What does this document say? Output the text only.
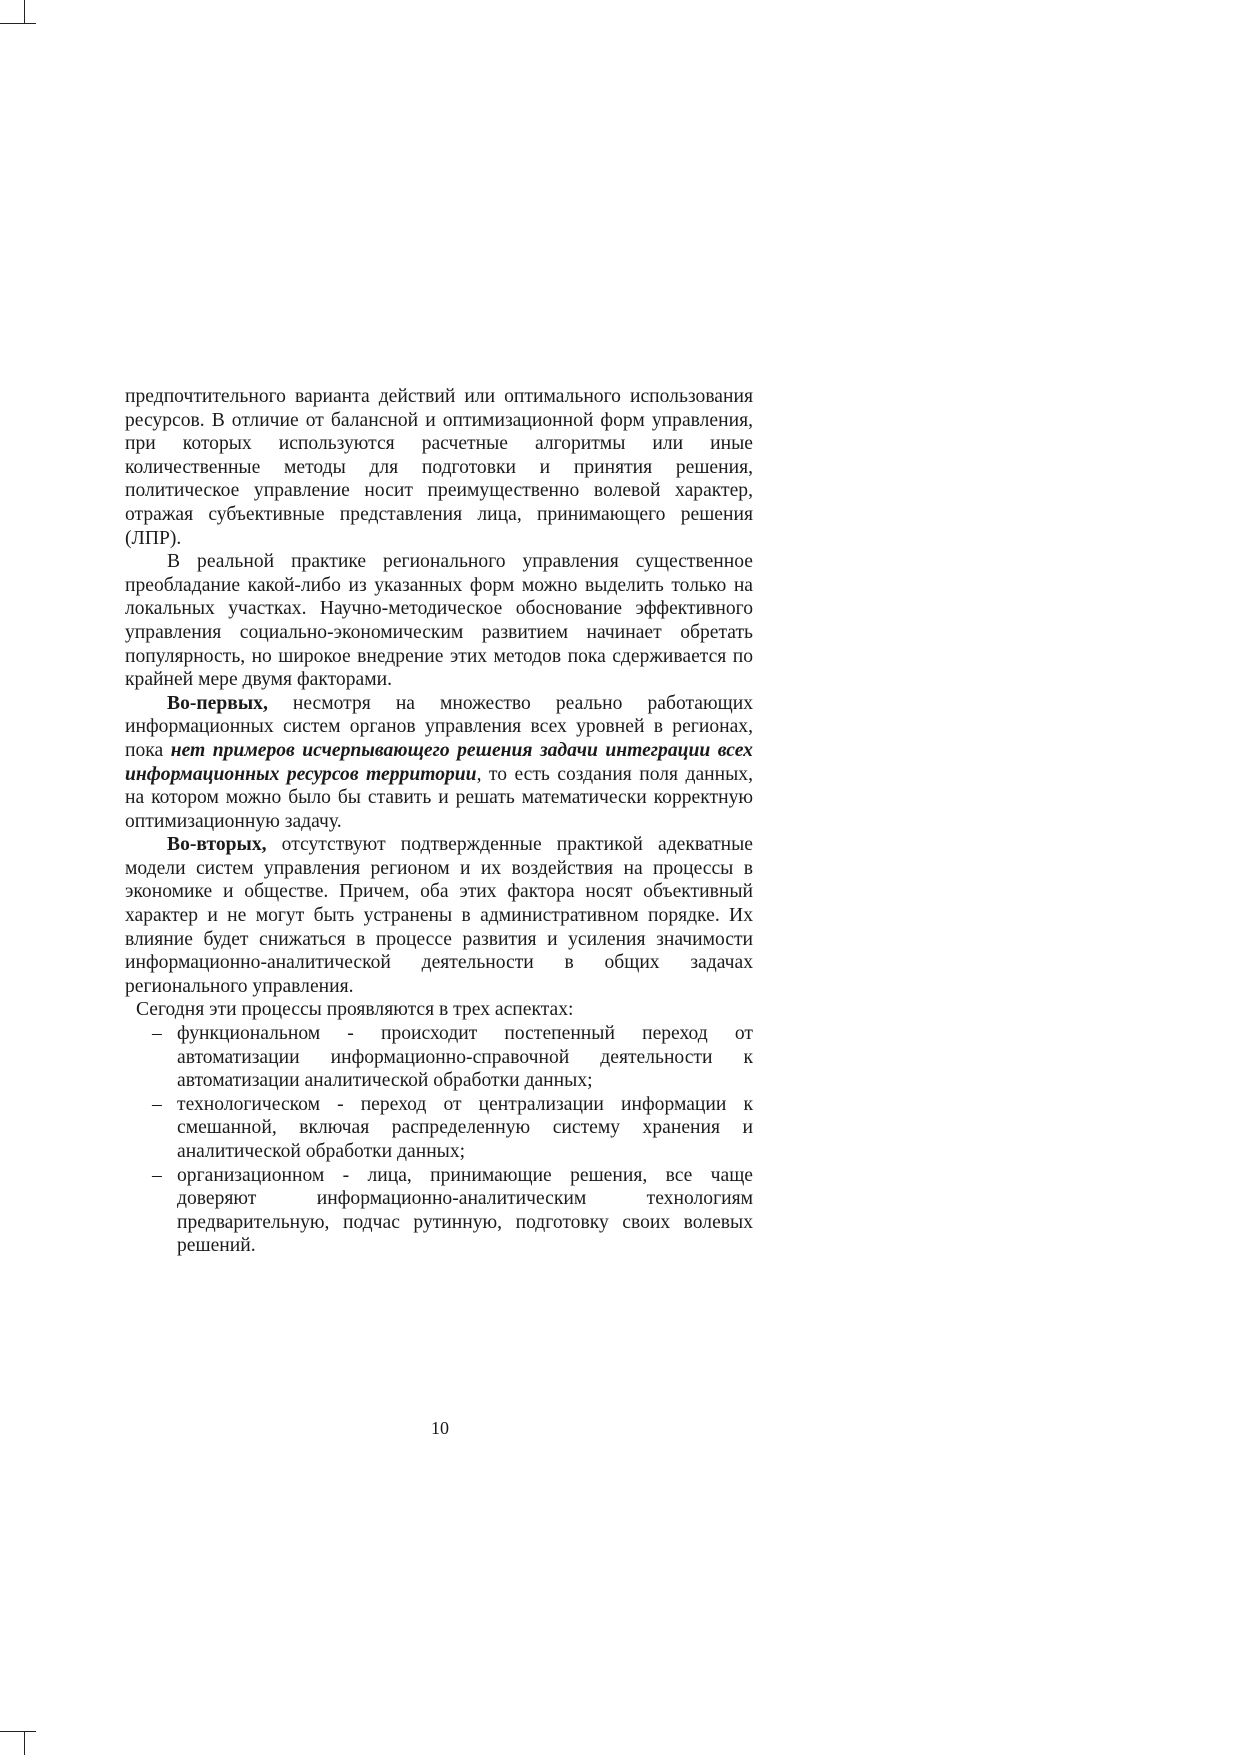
предпочтительного варианта действий или оптимального использования ресурсов. В отличие от балансной и оптимизационной форм управления, при которых используются расчетные алгоритмы или иные количественные методы для подготовки и принятия решения, политическое управление носит преимущественно волевой характер, отражая субъективные представления лица, принимающего решения (ЛПР).

В реальной практике регионального управления существенное преобладание какой-либо из указанных форм можно выделить только на локальных участках. Научно-методическое обоснование эффективного управления социально-экономическим развитием начинает обретать популярность, но широкое внедрение этих методов пока сдерживается по крайней мере двумя факторами.

Во-первых, несмотря на множество реально работающих информационных систем органов управления всех уровней в регионах, пока нет примеров исчерпывающего решения задачи интеграции всех информационных ресурсов территории, то есть создания поля данных, на котором можно было бы ставить и решать математически корректную оптимизационную задачу.

Во-вторых, отсутствуют подтвержденные практикой адекватные модели систем управления регионом и их воздействия на процессы в экономике и обществе. Причем, оба этих фактора носят объективный характер и не могут быть устранены в административном порядке. Их влияние будет снижаться в процессе развития и усиления значимости информационно-аналитической деятельности в общих задачах регионального управления.

Сегодня эти процессы проявляются в трех аспектах:

– функциональном - происходит постепенный переход от автоматизации информационно-справочной деятельности к автоматизации аналитической обработки данных;
– технологическом - переход от централизации информации к смешанной, включая распределенную систему хранения и аналитической обработки данных;
– организационном - лица, принимающие решения, все чаще доверяют информационно-аналитическим технологиям предварительную, подчас рутинную, подготовку своих волевых решений.
10
